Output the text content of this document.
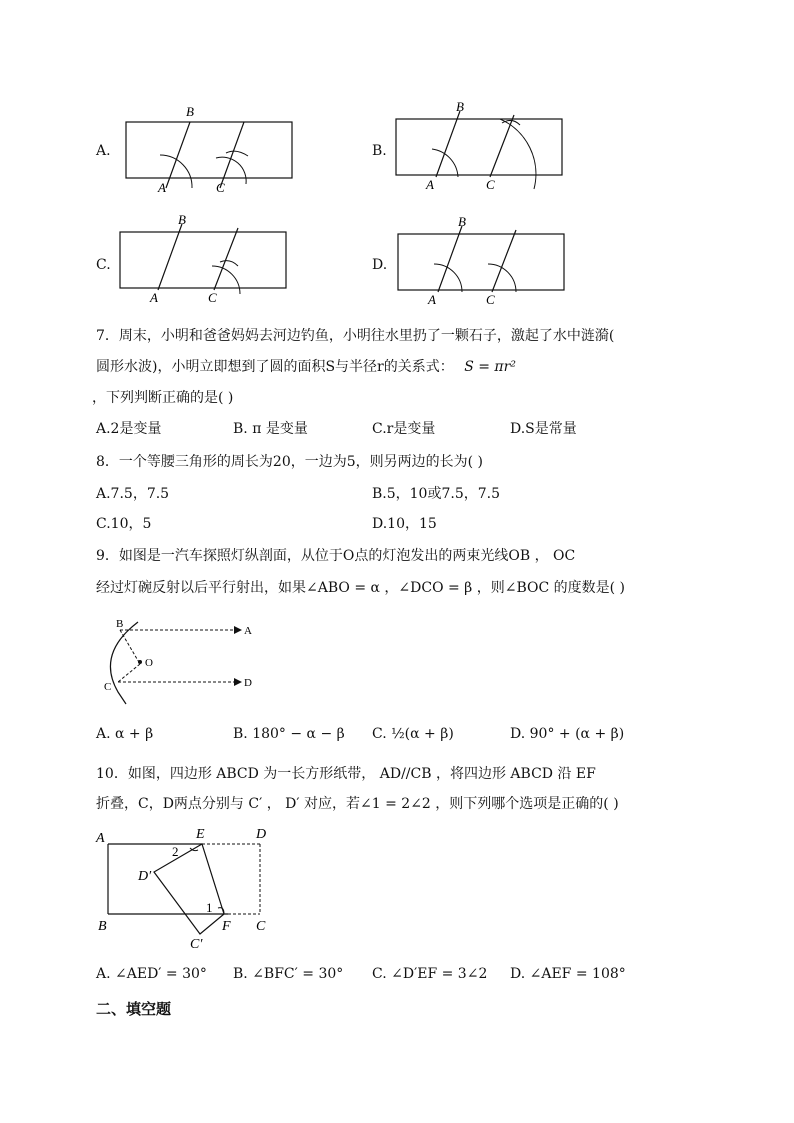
A.
B
A	C
B.
B
A	C
C.
B
A	C
D.
B
A	C
7．周末，小明和爸爸妈妈去河边钓鱼，小明往水里扔了一颗石子，激起了水中涟漪(
圆形水波)，小明立即想到了圆的面积S与半径r的关系式： S = πr²
，下列判断正确的是( )
A.2是变量	B. π 是变量	C.r是变量	D.S是常量
8．一个等腰三角形的周长为20，一边为5，则另两边的长为( )
A.7.5，7.5	B.5，10或7.5，7.5
C.10，5	D.10，15
9．如图是一汽车探照灯纵剖面，从位于O点的灯泡发出的两束光线OB ， OC
经过灯碗反射以后平行射出，如果∠ABO = α ，∠DCO = β ，则∠BOC 的度数是( )
B
A
O
C	D
A. α + β	B. 180° − α − β C. ½(α + β)	D. 90° + (α + β)
10．如图，四边形 ABCD 为一长方形纸带， AD//CB ，将四边形 ABCD 沿 EF
折叠，C，D两点分别与 C′ ， D′ 对应，若∠1 = 2∠2 ，则下列哪个选项是正确的( )
A	E	D
2
D′
1
B	F C
C′
A. ∠AED′ = 30° B. ∠BFC′ = 30° C. ∠D′EF = 3∠2 D. ∠AEF = 108°
二、填空题
